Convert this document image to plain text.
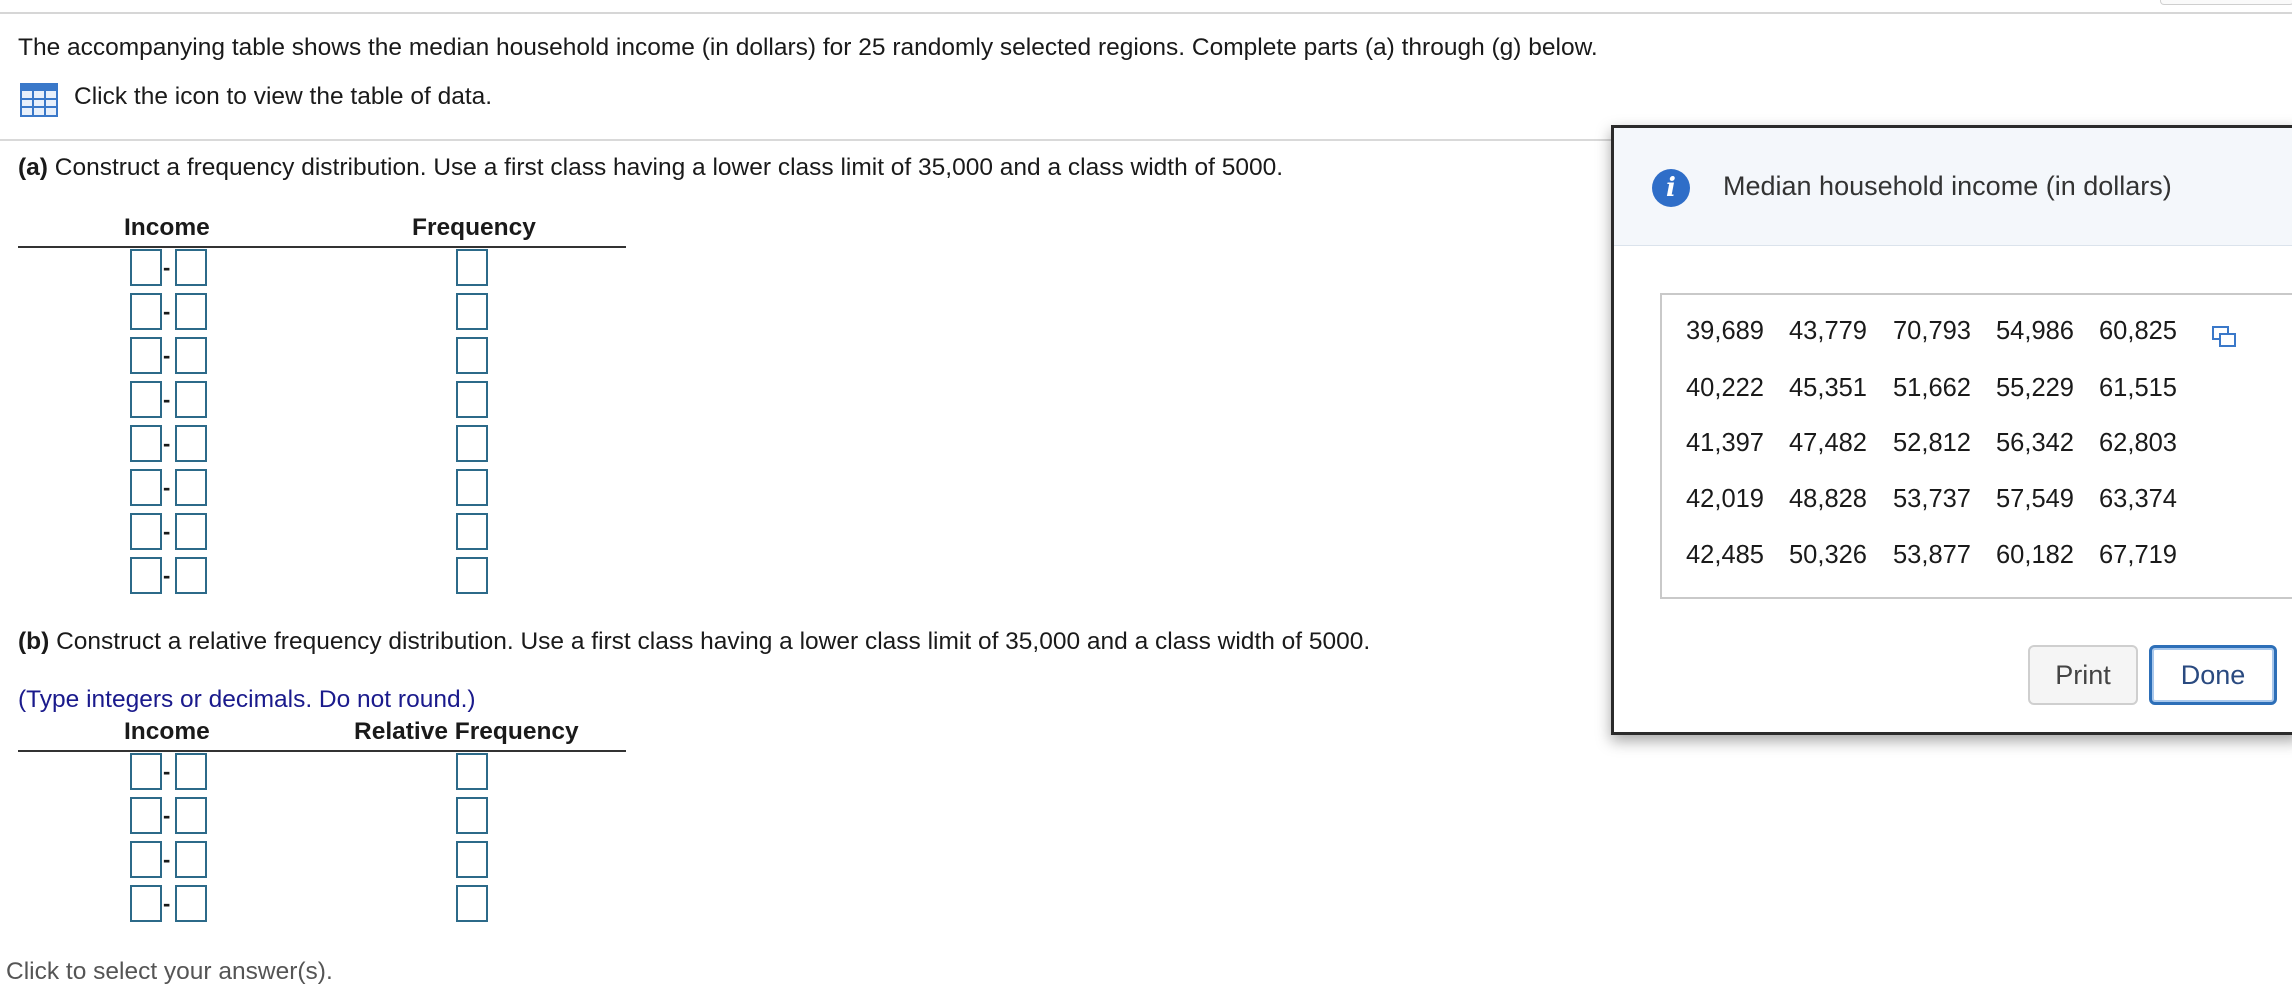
The accompanying table shows the median household income (in dollars) for 25 randomly selected regions. Complete parts (a) through (g) below.
Click the icon to view the table of data.
(a) Construct a frequency distribution. Use a first class having a lower class limit of 35,000 and a class width of 5000.
Income	Frequency
-
-
-
-
-
-
-
-
(b) Construct a relative frequency distribution. Use a first class having a lower class limit of 35,000 and a class width of 5000.
(Type integers or decimals. Do not round.)
Income	Relative Frequency
-
-
-
-
Click to select your answer(s).
i	Median household income (in dollars)
39,689 43,779 70,793 54,986 60,825
40,222 45,351 51,662 55,229 61,515
41,397 47,482 52,812 56,342 62,803
42,019 48,828 53,737 57,549 63,374
42,485 50,326 53,877 60,182 67,719
Print	Done
